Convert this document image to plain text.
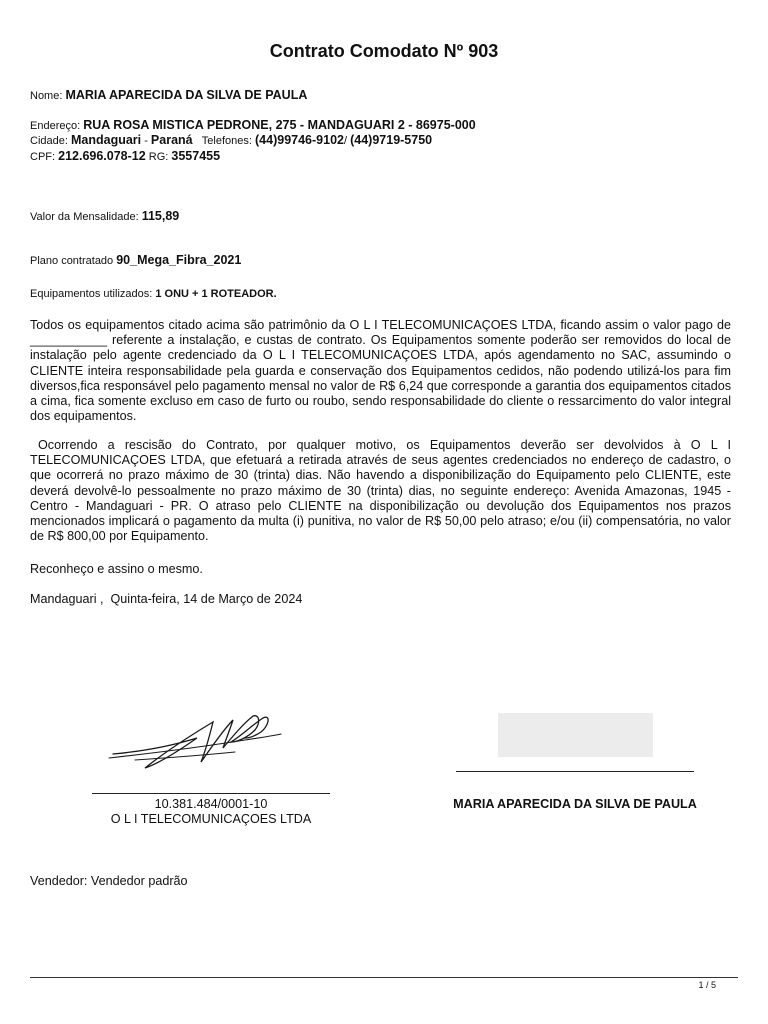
Contrato Comodato Nº 903
Nome: MARIA APARECIDA DA SILVA DE PAULA
Endereço: RUA ROSA MISTICA PEDRONE, 275 - MANDAGUARI 2 - 86975-000
Cidade: Mandaguari - Paraná Telefones: (44)99746-9102/ (44)9719-5750
CPF: 212.696.078-12 RG: 3557455
Valor da Mensalidade: 115,89
Plano contratado 90_Mega_Fibra_2021
Equipamentos utilizados: 1 ONU + 1 ROTEADOR.

Todos os equipamentos citado acima são patrimônio da O L I TELECOMUNICAÇOES LTDA, ficando assim o valor pago de ___________ referente a instalação, e custas de contrato. Os Equipamentos somente poderão ser removidos do local de instalação pelo agente credenciado da O L I TELECOMUNICAÇOES LTDA, após agendamento no SAC, assumindo o CLIENTE inteira responsabilidade pela guarda e conservação dos Equipamentos cedidos, não podendo utilizá-los para fim diversos,fica responsável pelo pagamento mensal no valor de R$ 6,24 que corresponde a garantia dos equipamentos citados a cima, fica somente excluso em caso de furto ou roubo, sendo responsabilidade do cliente o ressarcimento do valor integral dos equipamentos.

Ocorrendo a rescisão do Contrato, por qualquer motivo, os Equipamentos deverão ser devolvidos à O L I TELECOMUNICAÇOES LTDA, que efetuará a retirada através de seus agentes credenciados no endereço de cadastro, o que ocorrerá no prazo máximo de 30 (trinta) dias. Não havendo a disponibilização do Equipamento pelo CLIENTE, este deverá devolvê-lo pessoalmente no prazo máximo de 30 (trinta) dias, no seguinte endereço: Avenida Amazonas, 1945 - Centro - Mandaguari - PR. O atraso pelo CLIENTE na disponibilização ou devolução dos Equipamentos nos prazos mencionados implicará o pagamento da multa (i) punitiva, no valor de R$ 50,00 pelo atraso; e/ou (ii) compensatória, no valor de R$ 800,00 por Equipamento.

Reconheço e assino o mesmo.
Mandaguari ,  Quinta-feira, 14 de Março de 2024
10.381.484/0001-10
O L I TELECOMUNICAÇOES LTDA
MARIA APARECIDA DA SILVA DE PAULA
Vendedor: Vendedor padrão
1 / 5
